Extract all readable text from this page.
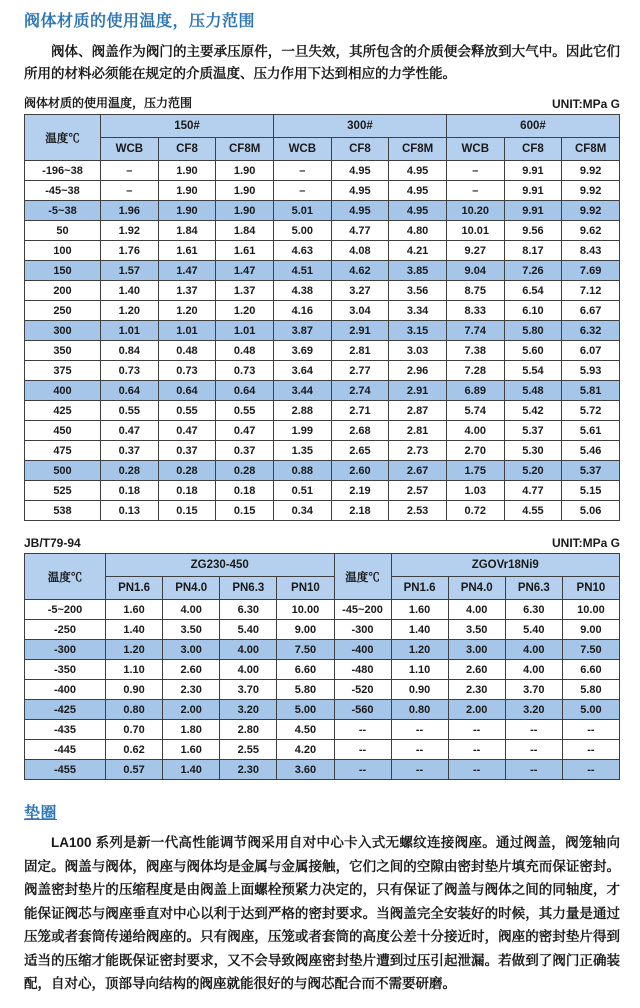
阀体材质的使用温度，压力范围

阀体、阀盖作为阀门的主要承压原件，一旦失效，其所包含的介质便会释放到大气中。因此它们所用的材料必须能在规定的介质温度、压力作用下达到相应的力学性能。

阀体材质的使用温度，压力范围	UNIT:MPa G
温度℃	150#			300#			600#		
	WCB	CF8	CF8M	WCB	CF8	CF8M	WCB	CF8	CF8M
-196~38	–	1.90	1.90	–	4.95	4.95	–	9.91	9.92
-45~38	–	1.90	1.90	–	4.95	4.95	–	9.91	9.92
-5~38	1.96	1.90	1.90	5.01	4.95	4.95	10.20	9.91	9.92
50	1.92	1.84	1.84	5.00	4.77	4.80	10.01	9.56	9.62
100	1.76	1.61	1.61	4.63	4.08	4.21	9.27	8.17	8.43
150	1.57	1.47	1.47	4.51	4.62	3.85	9.04	7.26	7.69
200	1.40	1.37	1.37	4.38	3.27	3.56	8.75	6.54	7.12
250	1.20	1.20	1.20	4.16	3.04	3.34	8.33	6.10	6.67
300	1.01	1.01	1.01	3.87	2.91	3.15	7.74	5.80	6.32
350	0.84	0.48	0.48	3.69	2.81	3.03	7.38	5.60	6.07
375	0.73	0.73	0.73	3.64	2.77	2.96	7.28	5.54	5.93
400	0.64	0.64	0.64	3.44	2.74	2.91	6.89	5.48	5.81
425	0.55	0.55	0.55	2.88	2.71	2.87	5.74	5.42	5.72
450	0.47	0.47	0.47	1.99	2.68	2.81	4.00	5.37	5.61
475	0.37	0.37	0.37	1.35	2.65	2.73	2.70	5.30	5.46
500	0.28	0.28	0.28	0.88	2.60	2.67	1.75	5.20	5.37
525	0.18	0.18	0.18	0.51	2.19	2.57	1.03	4.77	5.15
538	0.13	0.15	0.15	0.34	2.18	2.53	0.72	4.55	5.06
JB/T79-94	UNIT:MPa G
温度℃	ZG230-450				温度℃	ZGOVr18Ni9			
	PN1.6	PN4.0	PN6.3	PN10		PN1.6	PN4.0	PN6.3	PN10
-5~200	1.60	4.00	6.30	10.00	-45~200	1.60	4.00	6.30	10.00
-250	1.40	3.50	5.40	9.00	-300	1.40	3.50	5.40	9.00
-300	1.20	3.00	4.00	7.50	-400	1.20	3.00	4.00	7.50
-350	1.10	2.60	4.00	6.60	-480	1.10	2.60	4.00	6.60
-400	0.90	2.30	3.70	5.80	-520	0.90	2.30	3.70	5.80
-425	0.80	2.00	3.20	5.00	-560	0.80	2.00	3.20	5.00
-435	0.70	1.80	2.80	4.50	--	--	--	--	--
-445	0.62	1.60	2.55	4.20	--	--	--	--	--
-455	0.57	1.40	2.30	3.60	--	--	--	--	--
垫圈

LA100 系列是新一代高性能调节阀采用自对中心卡入式无螺纹连接阀座。通过阀盖，阀笼轴向固定。阀盖与阀体，阀座与阀体均是金属与金属接触，它们之间的空隙由密封垫片填充而保证密封。阀盖密封垫片的压缩程度是由阀盖上面螺栓预紧力决定的，只有保证了阀盖与阀体之间的同轴度，才能保证阀芯与阀座垂直对中心以利于达到严格的密封要求。当阀盖完全安装好的时候，其力量是通过压笼或者套筒传递给阀座的。只有阀座，压笼或者套筒的高度公差十分接近时，阀座的密封垫片得到适当的压缩才能既保证密封要求，又不会导致阀座密封垫片遭到过压引起泄漏。若做到了阀门正确装配，自对心，顶部导向结构的阀座就能很好的与阀芯配合而不需要研磨。
